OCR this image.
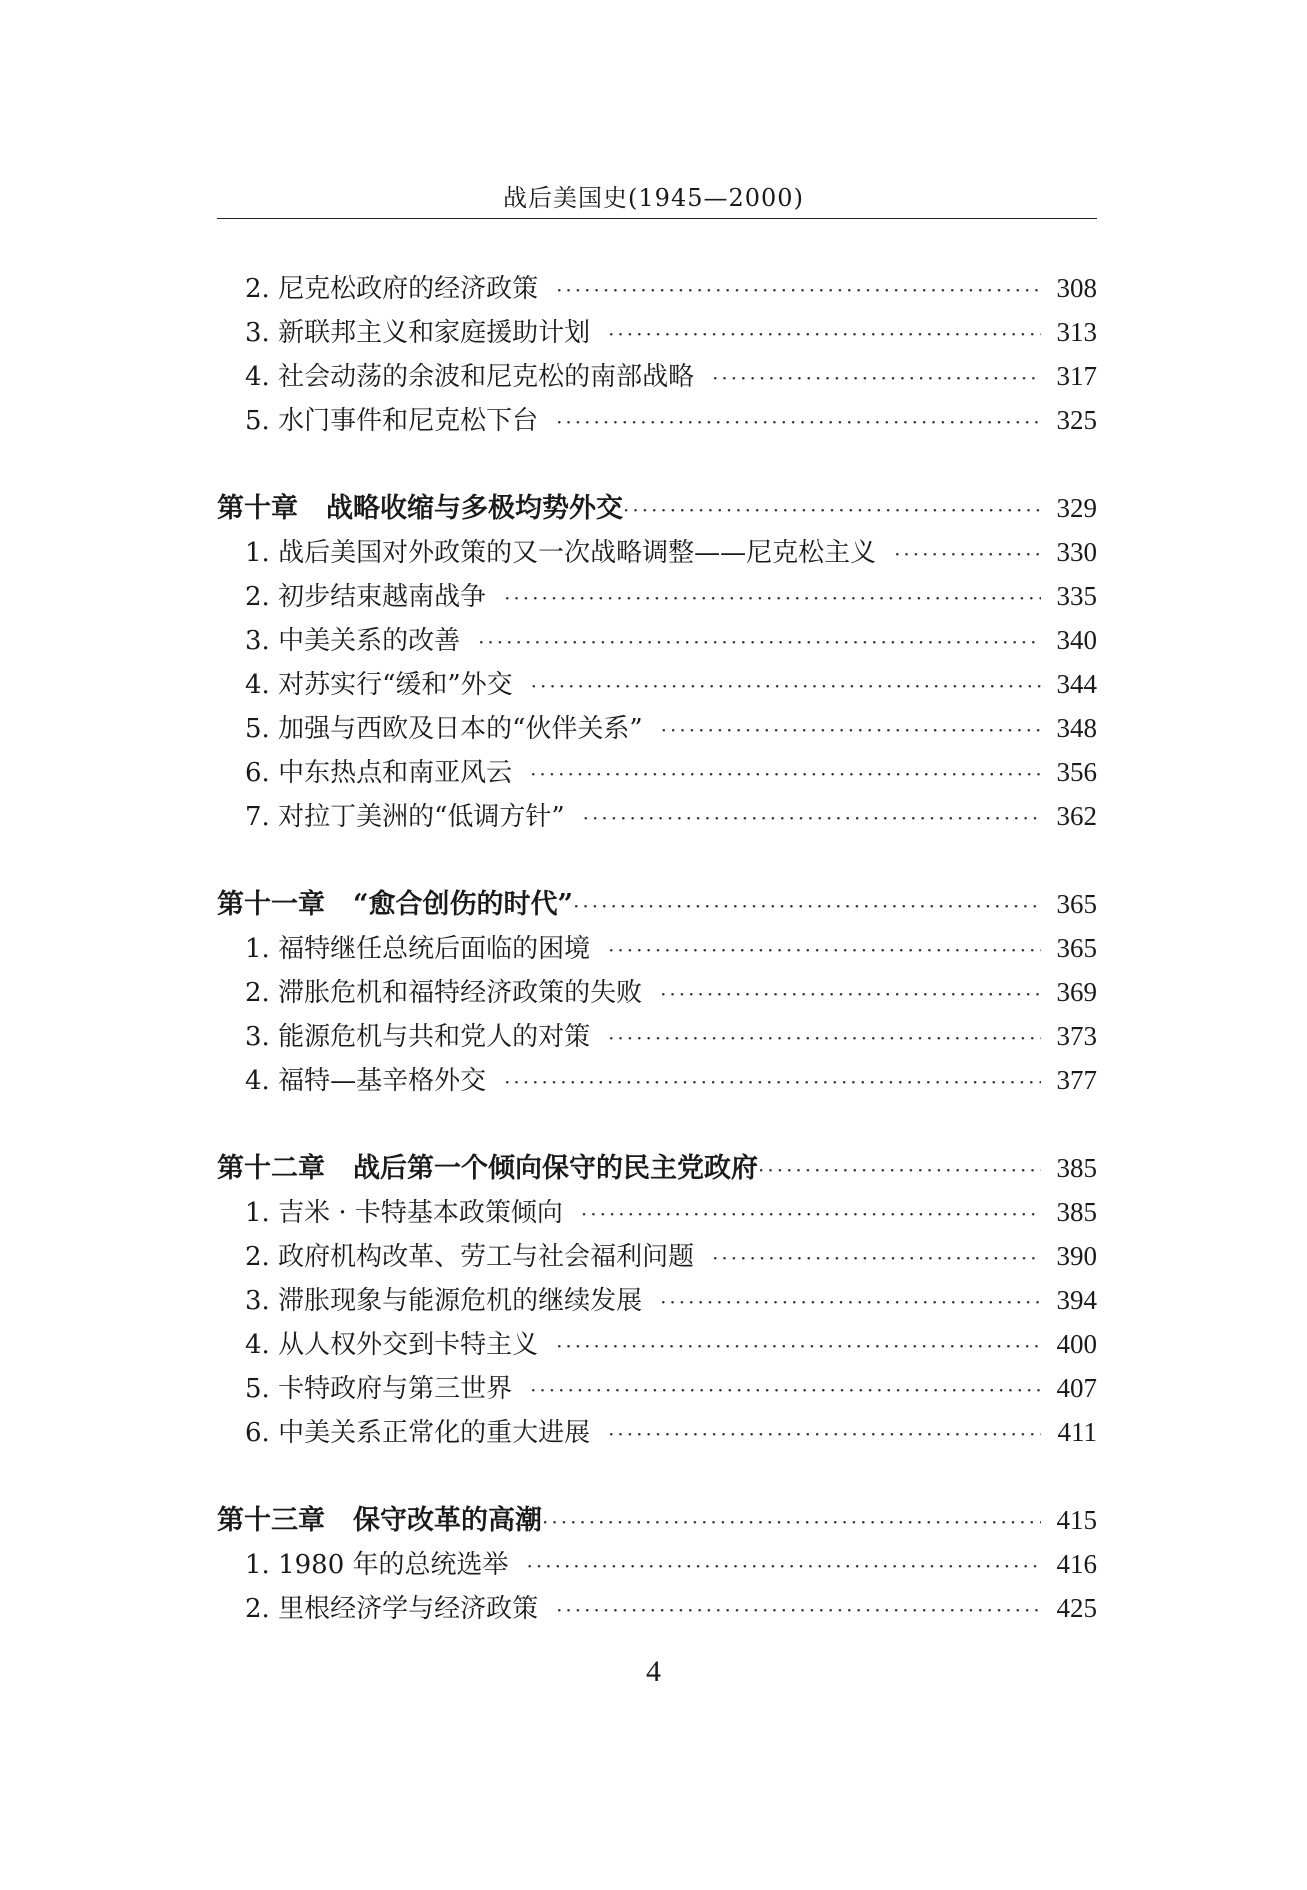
战后美国史(1945—2000)
2. 尼克松政府的经济政策 ·····	308
3. 新联邦主义和家庭援助计划 ·····	313
4. 社会动荡的余波和尼克松的南部战略 ·····	317
5. 水门事件和尼克松下台 ·····	325
第十章	战略收缩与多极均势外交 ·····	329
1. 战后美国对外政策的又一次战略调整——尼克松主义 ·····	330
2. 初步结束越南战争 ·····	335
3. 中美关系的改善 ·····	340
4. 对苏实行“缓和”外交 ·····	344
5. 加强与西欧及日本的“伙伴关系” ·····	348
6. 中东热点和南亚风云 ·····	356
7. 对拉丁美洲的“低调方针” ·····	362
第十一章	“愈合创伤的时代” ·····	365
1. 福特继任总统后面临的困境 ·····	365
2. 滞胀危机和福特经济政策的失败 ·····	369
3. 能源危机与共和党人的对策 ·····	373
4. 福特—基辛格外交 ·····	377
第十二章	战后第一个倾向保守的民主党政府 ·····	385
1. 吉米 · 卡特基本政策倾向 ·····	385
2. 政府机构改革、劳工与社会福利问题 ·····	390
3. 滞胀现象与能源危机的继续发展 ·····	394
4. 从人权外交到卡特主义 ·····	400
5. 卡特政府与第三世界 ·····	407
6. 中美关系正常化的重大进展 ·····	411
第十三章	保守改革的高潮 ·····	415
1. 1980 年的总统选举 ·····	416
2. 里根经济学与经济政策 ·····	425
4
